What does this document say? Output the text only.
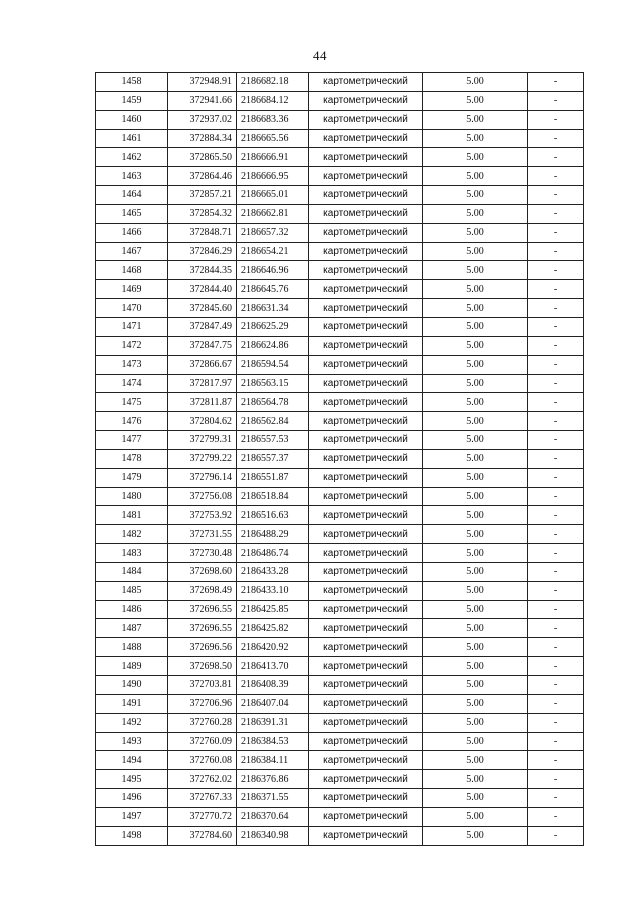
44
1458	372948.91	2186682.18	картометрический	5.00	-
1459	372941.66	2186684.12	картометрический	5.00	-
1460	372937.02	2186683.36	картометрический	5.00	-
1461	372884.34	2186665.56	картометрический	5.00	-
1462	372865.50	2186666.91	картометрический	5.00	-
1463	372864.46	2186666.95	картометрический	5.00	-
1464	372857.21	2186665.01	картометрический	5.00	-
1465	372854.32	2186662.81	картометрический	5.00	-
1466	372848.71	2186657.32	картометрический	5.00	-
1467	372846.29	2186654.21	картометрический	5.00	-
1468	372844.35	2186646.96	картометрический	5.00	-
1469	372844.40	2186645.76	картометрический	5.00	-
1470	372845.60	2186631.34	картометрический	5.00	-
1471	372847.49	2186625.29	картометрический	5.00	-
1472	372847.75	2186624.86	картометрический	5.00	-
1473	372866.67	2186594.54	картометрический	5.00	-
1474	372817.97	2186563.15	картометрический	5.00	-
1475	372811.87	2186564.78	картометрический	5.00	-
1476	372804.62	2186562.84	картометрический	5.00	-
1477	372799.31	2186557.53	картометрический	5.00	-
1478	372799.22	2186557.37	картометрический	5.00	-
1479	372796.14	2186551.87	картометрический	5.00	-
1480	372756.08	2186518.84	картометрический	5.00	-
1481	372753.92	2186516.63	картометрический	5.00	-
1482	372731.55	2186488.29	картометрический	5.00	-
1483	372730.48	2186486.74	картометрический	5.00	-
1484	372698.60	2186433.28	картометрический	5.00	-
1485	372698.49	2186433.10	картометрический	5.00	-
1486	372696.55	2186425.85	картометрический	5.00	-
1487	372696.55	2186425.82	картометрический	5.00	-
1488	372696.56	2186420.92	картометрический	5.00	-
1489	372698.50	2186413.70	картометрический	5.00	-
1490	372703.81	2186408.39	картометрический	5.00	-
1491	372706.96	2186407.04	картометрический	5.00	-
1492	372760.28	2186391.31	картометрический	5.00	-
1493	372760.09	2186384.53	картометрический	5.00	-
1494	372760.08	2186384.11	картометрический	5.00	-
1495	372762.02	2186376.86	картометрический	5.00	-
1496	372767.33	2186371.55	картометрический	5.00	-
1497	372770.72	2186370.64	картометрический	5.00	-
1498	372784.60	2186340.98	картометрический	5.00	-
